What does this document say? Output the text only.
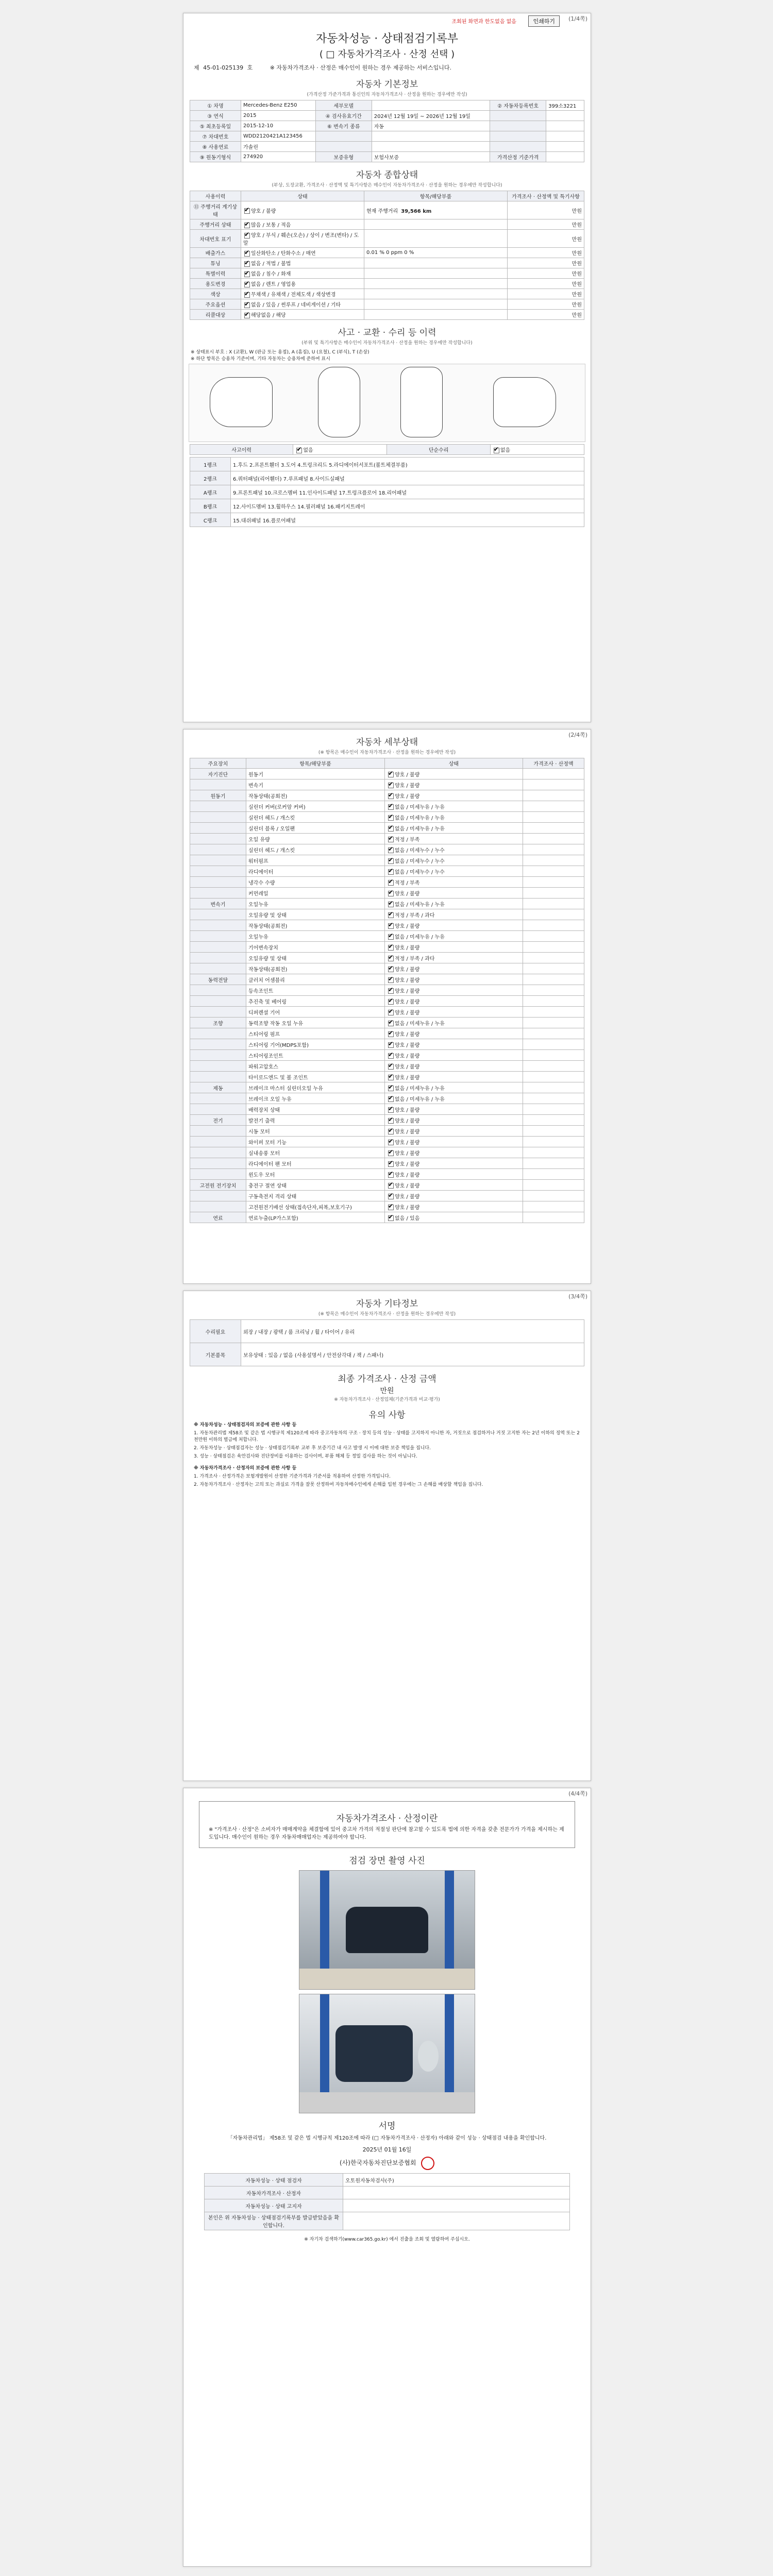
(1/4쪽)
조회된 화면과 한도없음 없음	인쇄하기
자동차성능 · 상태점검기록부
( □ 자동차가격조사 · 산정 선택 )
제 45-01-025139 호	※ 자동차가격조사 · 산정은 매수인이 원하는 경우 제공하는 서비스입니다.
자동차 기본정보
(가격산정 가준가격과 통신인의 자동차가격조사 · 산정을 원하는 경우에만 작성)
① 차명	Mercedes-Benz E250	세부모델		② 자동차등록번호	399소3221
③ 연식	2015	④ 검사유효기간	2024년 12월 19일 ~ 2026년 12월 19일		
⑤ 최초등록일	2015-12-10	⑥ 변속기 종류	자동		
⑦ 차대번호	WDD2120421A123456				
⑧ 사용연료	가솔린				
⑨ 원동기형식	274920	보증유형	보험사보증	가격산정 기준가격	
자동차 종합상태
(부상, 도장교환, 가격조사 · 산정액 및 특기사항은 매수인이 자동차가격조사 · 산정을 원하는 경우에만 작성합니다)
사용이력	상태	항목/해당부품	가격조사 · 산정액 및 특기사항
⑪ 주행거리 계기상태	✔양호 / 불량	현재 주행거리 39,566 km	만원
주행거리 상태	✔많음 / 보통 / 적음		만원
차대번호 표기	✔양호 / 부식 / 훼손(오손) / 상이 / 변조(변타) / 도말		만원
배출가스	✔일산화탄소 / 탄화수소 / 매연	0.01 % 0 ppm 0 %	만원
튜닝	✔없음 / 적법 / 불법		만원
특별이력	✔없음 / 침수 / 화재		만원
용도변경	✔없음 / 렌트 / 영업용		만원
색상	✔무채색 / 유채색 / 전체도색 / 색상변경		만원
주요옵션	✔없음 / 있음 / 썬루프 / 네비게이션 / 기타		만원
리콜대상	✔해당없음 / 해당		만원
사고 · 교환 · 수리 등 이력
(부위 및 특기사항은 매수인이 자동차가격조사 · 산정을 원하는 경우에만 작성합니다)
※ 상태표시 부호 : X (교환), W (판금 또는 용접), A (흠집), U (요철), C (부식), T (손상)
※ 하단 항목은 승용차 기준이며, 기타 자동차는 승용차에 준하여 표시
사고이력	✔없음	단순수리	✔없음
1랭크	1.후드 2.프론트휀더 3.도어 4.트렁크리드 5.라디에이터서포트(볼트체결부품)
2랭크	6.쿼터패널(리어휀더) 7.루프패널 8.사이드실패널
A랭크	9.프론트패널 10.크로스멤버 11.인사이드패널 17.트렁크플로어 18.리어패널
B랭크	12.사이드멤버 13.휠하우스 14.필러패널 16.패키지트레이
C랭크	15.대쉬패널 16.플로어패널
(2/4쪽)
자동차 세부상태
(※ 항목은 매수인이 자동차가격조사 · 산정을 원하는 경우에만 작성)
주요장치	항목/해당부품	상태	가격조사 · 산정액
자기진단	원동기	✔양호 / 불량	
	변속기	✔양호 / 불량	
원동기	작동상태(공회전)	✔양호 / 불량	
	실린더 커버(로커암 커버)	✔없음 / 미세누유 / 누유	
	실린더 헤드 / 개스킷	✔없음 / 미세누유 / 누유	
	실린더 블록 / 오일팬	✔없음 / 미세누유 / 누유	
	오일 유량	✔적정 / 부족	
	실린더 헤드 / 개스킷	✔없음 / 미세누수 / 누수	
	워터펌프	✔없음 / 미세누수 / 누수	
	라디에이터	✔없음 / 미세누수 / 누수	
	냉각수 수량	✔적정 / 부족	
	커먼레일	✔양호 / 불량	
변속기	오일누유	✔없음 / 미세누유 / 누유	
	오일유량 및 상태	✔적정 / 부족 / 과다	
	작동상태(공회전)	✔양호 / 불량	
	오일누유	✔없음 / 미세누유 / 누유	
	기어변속장치	✔양호 / 불량	
	오일유량 및 상태	✔적정 / 부족 / 과다	
	작동상태(공회전)	✔양호 / 불량	
동력전달	클러치 어셈블리	✔양호 / 불량	
	등속조인트	✔양호 / 불량	
	추진축 및 베어링	✔양호 / 불량	
	디퍼렌셜 기어	✔양호 / 불량	
조향	동력조향 작동 오일 누유	✔없음 / 미세누유 / 누유	
	스티어링 펌프	✔양호 / 불량	
	스티어링 기어(MDPS포함)	✔양호 / 불량	
	스티어링조인트	✔양호 / 불량	
	파워고압호스	✔양호 / 불량	
	타이로드엔드 및 볼 조인트	✔양호 / 불량	
제동	브레이크 마스터 실린더오일 누유	✔없음 / 미세누유 / 누유	
	브레이크 오일 누유	✔없음 / 미세누유 / 누유	
	배력장치 상태	✔양호 / 불량	
전기	발전기 출력	✔양호 / 불량	
	시동 모터	✔양호 / 불량	
	와이퍼 모터 기능	✔양호 / 불량	
	실내송풍 모터	✔양호 / 불량	
	라디에이터 팬 모터	✔양호 / 불량	
	윈도우 모터	✔양호 / 불량	
고전원 전기장치	충전구 절연 상태	✔양호 / 불량	
	구동축전지 격리 상태	✔양호 / 불량	
	고전원전기배선 상태(접속단자,피복,보호기구)	✔양호 / 불량	
연료	연료누출(LP가스포함)	✔없음 / 있음	
(3/4쪽)
자동차 기타정보
(※ 항목은 매수인이 자동차가격조사 · 산정을 원하는 경우에만 작성)
수리필요	외장 / 내장 / 광택 / 룸 크리닝 / 휠 / 타이어 / 유리
기본품목	보유상태 : 있음 / 없음 (사용설명서 / 안전삼각대 / 잭 / 스패너)
최종 가격조사 · 산정 금액
만원
※ 자동차가격조사 · 산정업체(기준가격과 비교·평가)
유의 사항

※ 자동차성능 · 상태점검자의 보증에 관한 사항 등

1. 자동차관리법 제58조 및 같은 법 시행규칙 제120조에 따라 중고자동차의 구조 · 장치 등의 성능 · 상태를 고지하지 아니한 자, 거짓으로 점검하거나 거짓 고지한 자는 2년 이하의 징역 또는 2천만원 이하의 벌금에 처합니다.

2. 자동차성능 · 상태점검자는 성능 · 상태점검기록부 교부 후 보증기간 내 사고 발생 시 이에 대한 보증 책임을 집니다.

3. 성능 · 상태점검은 육안검사와 진단장비를 이용하는 검사이며, 부품 해체 등 정밀 검사를 하는 것이 아닙니다.

※ 자동차가격조사 · 산정자의 보증에 관한 사항 등

1. 가격조사 · 산정가격은 보험개발원이 산정한 기준가격과 기준서를 적용하여 산정한 가격입니다.

2. 자동차가격조사 · 산정자는 고의 또는 과실로 가격을 잘못 산정하여 자동차매수인에게 손해를 입힌 경우에는 그 손해를 배상할 책임을 집니다.

(4/4쪽)
자동차가격조사 · 산정이란

※ "가격조사 · 산정"은 소비자가 매매계약을 체결함에 있어 중고차 가격의 적절성 판단에 참고할 수 있도록 법에 의한 자격을 갖춘 전문가가 가격을 제시하는 제도입니다. 매수인이 원하는 경우 자동차매매업자는 제공하여야 합니다.

점검 장면 촬영 사진
서명

「자동차관리법」 제58조 및 같은 법 시행규칙 제120조에 따라 (□ 자동차가격조사 · 산정자) 아래와 같이 성능 · 상태점검 내용을 확인합니다.

2025년 01월 16일
(사)한국자동차진단보증협회
자동차성능 · 상태 점검자	오토원자동차검사(주)
자동차가격조사 · 산정자	
자동차성능 · 상태 고지자	
본인은 위 자동차성능 · 상태점검기록부를 발급받았음을 확인합니다.	
※ 자기차 검색하기(www.car365.go.kr) 에서 진출을 조회 및 열람하여 주십시오.
